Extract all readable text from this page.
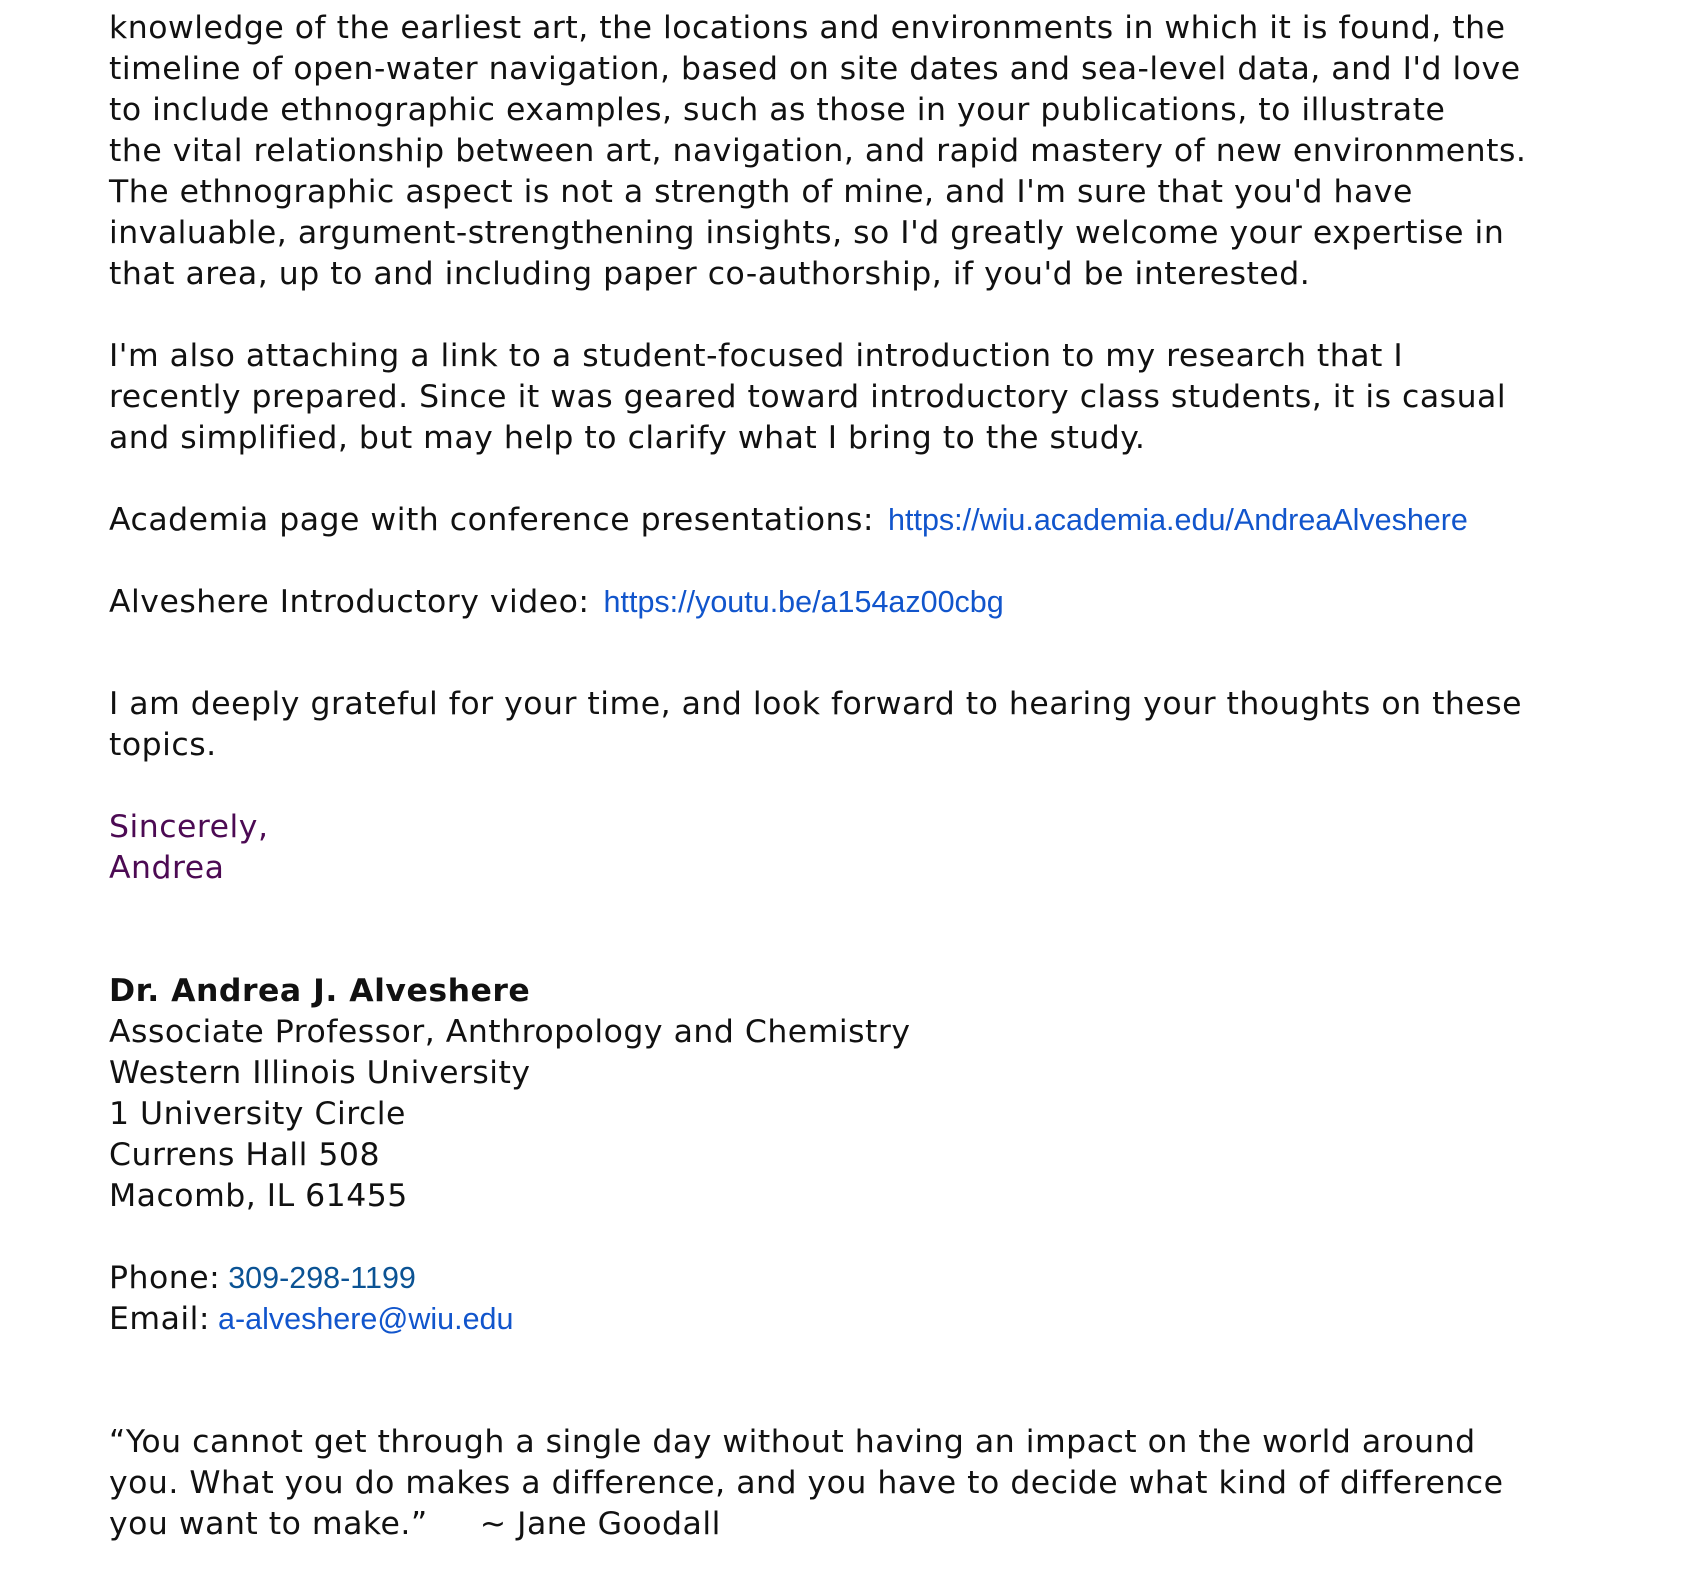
knowledge of the earliest art, the locations and environments in which it is found, the
timeline of open-water navigation, based on site dates and sea-level data, and I'd love
to include ethnographic examples, such as those in your publications, to illustrate
the vital relationship between art, navigation, and rapid mastery of new environments.
The ethnographic aspect is not a strength of mine, and I'm sure that you'd have
invaluable, argument-strengthening insights, so I'd greatly welcome your expertise in
that area, up to and including paper co-authorship, if you'd be interested.

I'm also attaching a link to a student-focused introduction to my research that I
recently prepared. Since it was geared toward introductory class students, it is casual
and simplified, but may help to clarify what I bring to the study.

Academia page with conference presentations: https://wiu.academia.edu/AndreaAlveshere

Alveshere Introductory video: https://youtu.be/a154az00cbg

I am deeply grateful for your time, and look forward to hearing your thoughts on these
topics.

Sincerely,
Andrea

Dr. Andrea J. Alveshere
Associate Professor, Anthropology and Chemistry
Western Illinois University
1 University Circle
Currens Hall 508
Macomb, IL 61455

Phone: 309-298-1199
Email: a-alveshere@wiu.edu

“You cannot get through a single day without having an impact on the world around
you. What you do makes a difference, and you have to decide what kind of difference
you want to make.” ~ Jane Goodall
